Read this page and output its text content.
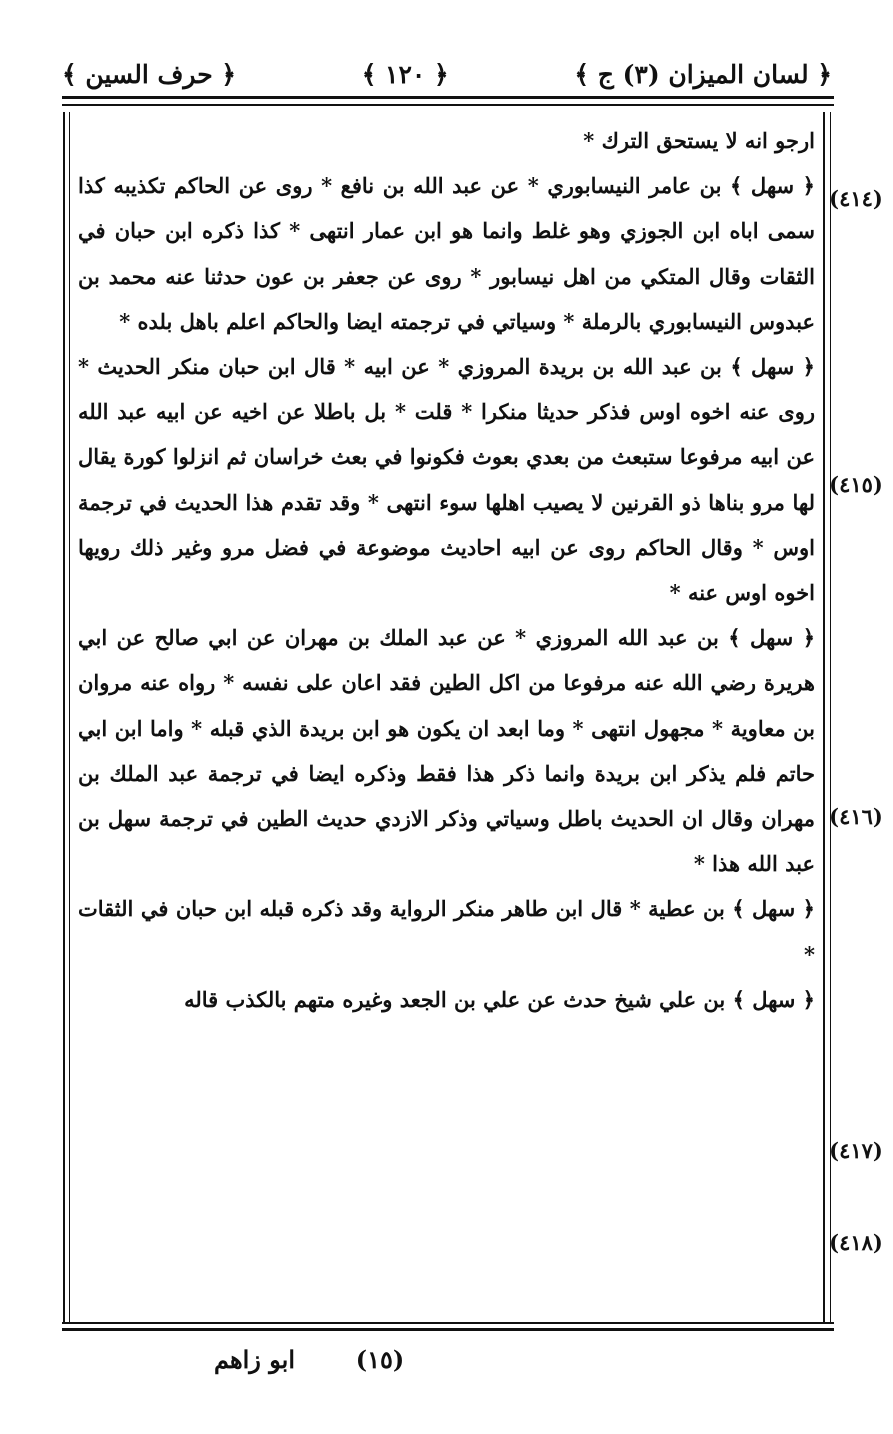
﴿ لسان الميزان (٣) ج ﴾
﴿ ١٢٠ ﴾
﴿ حرف السين ﴾
(٤١٤)
(٤١٥)
(٤١٦)
(٤١٧)
(٤١٨)

ارجو انه لا يستحق الترك *

﴿ سهل ﴾ بن عامر النيسابوري * عن عبد الله بن نافع * روى عن الحاكم تكذيبه كذا سمى اباه ابن الجوزي وهو غلط وانما هو ابن عمار انتهى * كذا ذكره ابن حبان في الثقات وقال المتكي من اهل نيسابور * روى عن جعفر بن عون حدثنا عنه محمد بن عبدوس النيسابوري بالرملة * وسياتي في ترجمته ايضا والحاكم اعلم باهل بلده *

﴿ سهل ﴾ بن عبد الله بن بريدة المروزي * عن ابيه * قال ابن حبان منكر الحديث * روى عنه اخوه اوس فذكر حديثا منكرا * قلت * بل باطلا عن اخيه عن ابيه عبد الله عن ابيه مرفوعا ستبعث من بعدي بعوث فكونوا في بعث خراسان ثم انزلوا كورة يقال لها مرو بناها ذو القرنين لا يصيب اهلها سوء انتهى * وقد تقدم هذا الحديث في ترجمة اوس * وقال الحاكم روى عن ابيه احاديث موضوعة في فضل مرو وغير ذلك رويها اخوه اوس عنه *

﴿ سهل ﴾ بن عبد الله المروزي * عن عبد الملك بن مهران عن ابي صالح عن ابي هريرة رضي الله عنه مرفوعا من اكل الطين فقد اعان على نفسه * رواه عنه مروان بن معاوية * مجهول انتهى * وما ابعد ان يكون هو ابن بريدة الذي قبله * واما ابن ابي حاتم فلم يذكر ابن بريدة وانما ذكر هذا فقط وذكره ايضا في ترجمة عبد الملك بن مهران وقال ان الحديث باطل وسياتي وذكر الازدي حديث الطين في ترجمة سهل بن عبد الله هذا *

﴿ سهل ﴾ بن عطية * قال ابن طاهر منكر الرواية وقد ذكره قبله ابن حبان في الثقات *

﴿ سهل ﴾ بن علي شيخ حدث عن علي بن الجعد وغيره متهم بالكذب قاله

ابو زاهم	(١٥)
